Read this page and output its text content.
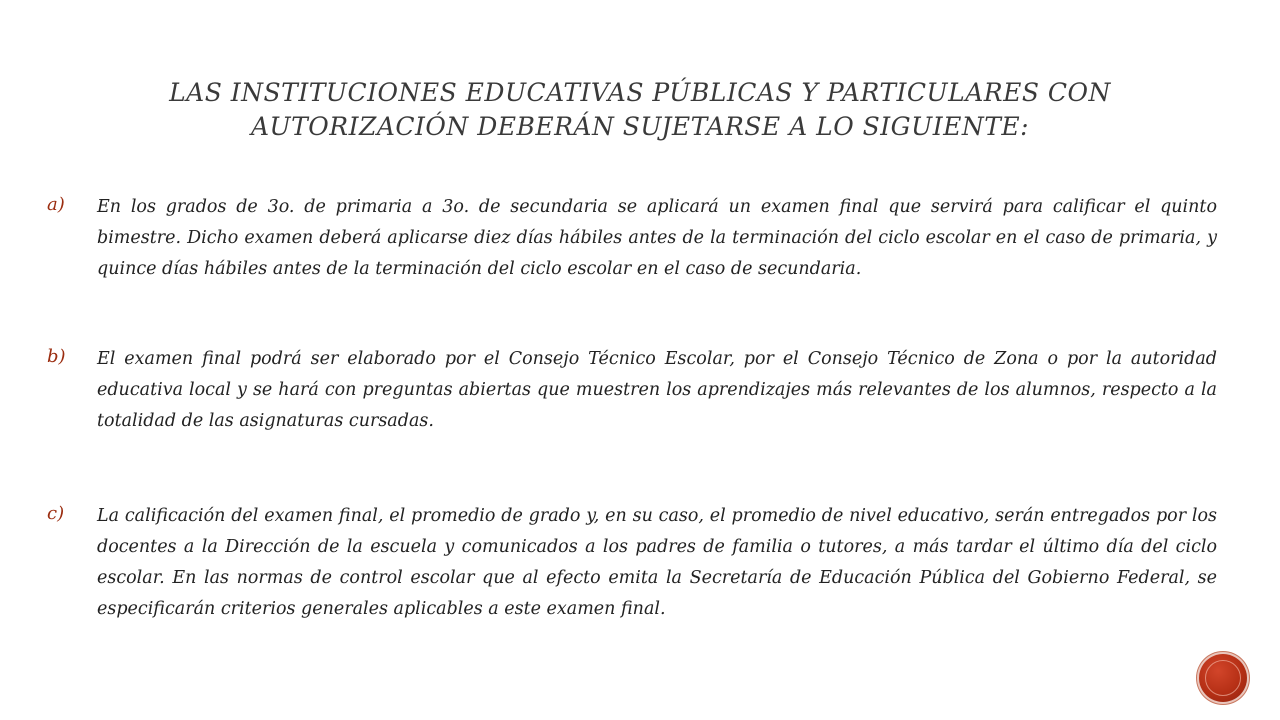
LAS INSTITUCIONES EDUCATIVAS PÚBLICAS Y PARTICULARES CON
AUTORIZACIÓN DEBERÁN SUJETARSE A LO SIGUIENTE:
a)	En los grados de 3o. de primaria a 3o. de secundaria se aplicará un examen final que servirá para calificar el quinto bimestre. Dicho examen deberá aplicarse diez días hábiles antes de la terminación del ciclo escolar en el caso de primaria, y quince días hábiles antes de la terminación del ciclo escolar en el caso de secundaria.

b)	El examen final podrá ser elaborado por el Consejo Técnico Escolar, por el Consejo Técnico de Zona o por la autoridad educativa local y se hará con preguntas abiertas que muestren los aprendizajes más relevantes de los alumnos, respecto a la totalidad de las asignaturas cursadas.

c)	La calificación del examen final, el promedio de grado y, en su caso, el promedio de nivel educativo, serán entregados por los docentes a la Dirección de la escuela y comunicados a los padres de familia o tutores, a más tardar el último día del ciclo escolar. En las normas de control escolar que al efecto emita la Secretaría de Educación Pública del Gobierno Federal, se especificarán criterios generales aplicables a este examen final.
